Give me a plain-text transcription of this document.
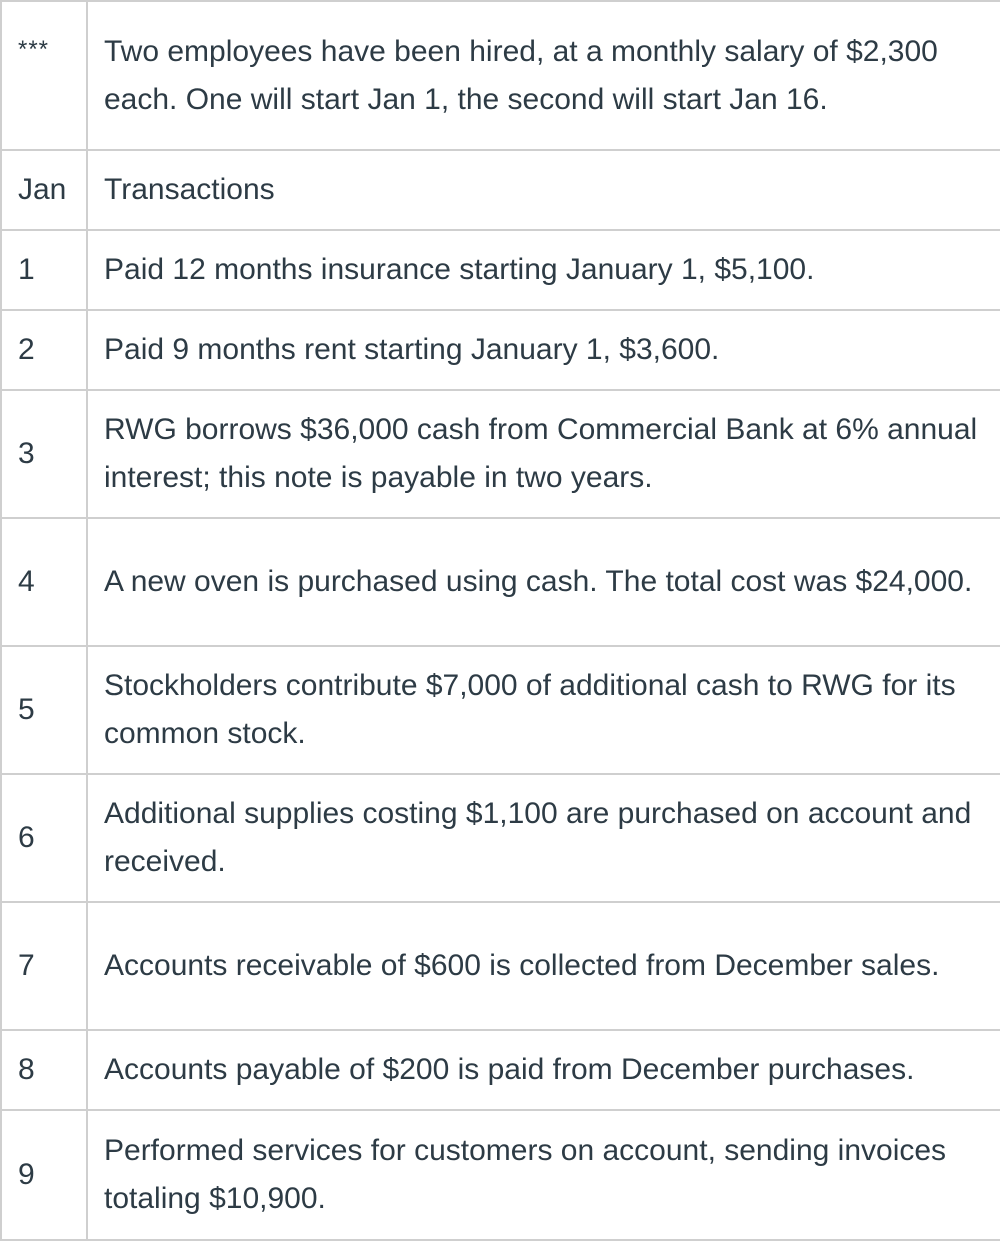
***	Two employees have been hired, at a monthly salary of $2,300 each. One will start Jan 1, the second will start Jan 16.
Jan	Transactions
1	Paid 12 months insurance starting January 1, $5,100.
2	Paid 9 months rent starting January 1, $3,600.
3	RWG borrows $36,000 cash from Commercial Bank at 6% annual interest; this note is payable in two years.
4	A new oven is purchased using cash. The total cost was $24,000.
5	Stockholders contribute $7,000 of additional cash to RWG for its common stock.
6	Additional supplies costing $1,100 are purchased on account and received.
7	Accounts receivable of $600 is collected from December sales.
8	Accounts payable of $200 is paid from December purchases.
9	Performed services for customers on account, sending invoices totaling $10,900.
